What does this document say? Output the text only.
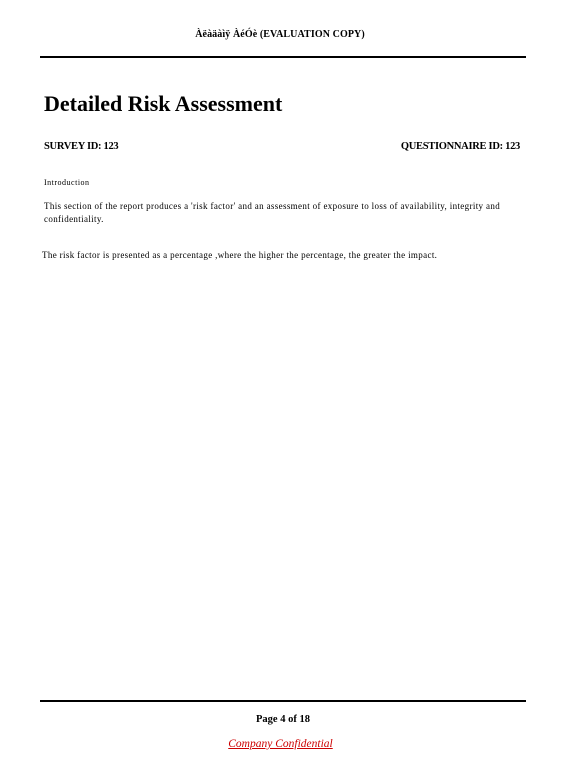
Àëàäàìÿ ÀéÓè (EVALUATION COPY)
Detailed Risk Assessment
SURVEY ID: 123	QUESTIONNAIRE ID: 123
Introduction
This section of the report produces a 'risk factor' and an assessment of exposure to loss of availability, integrity and confidentiality.
The risk factor is presented as a percentage ,where the higher the percentage, the greater the impact.
Page 4 of 18
Company Confidential
